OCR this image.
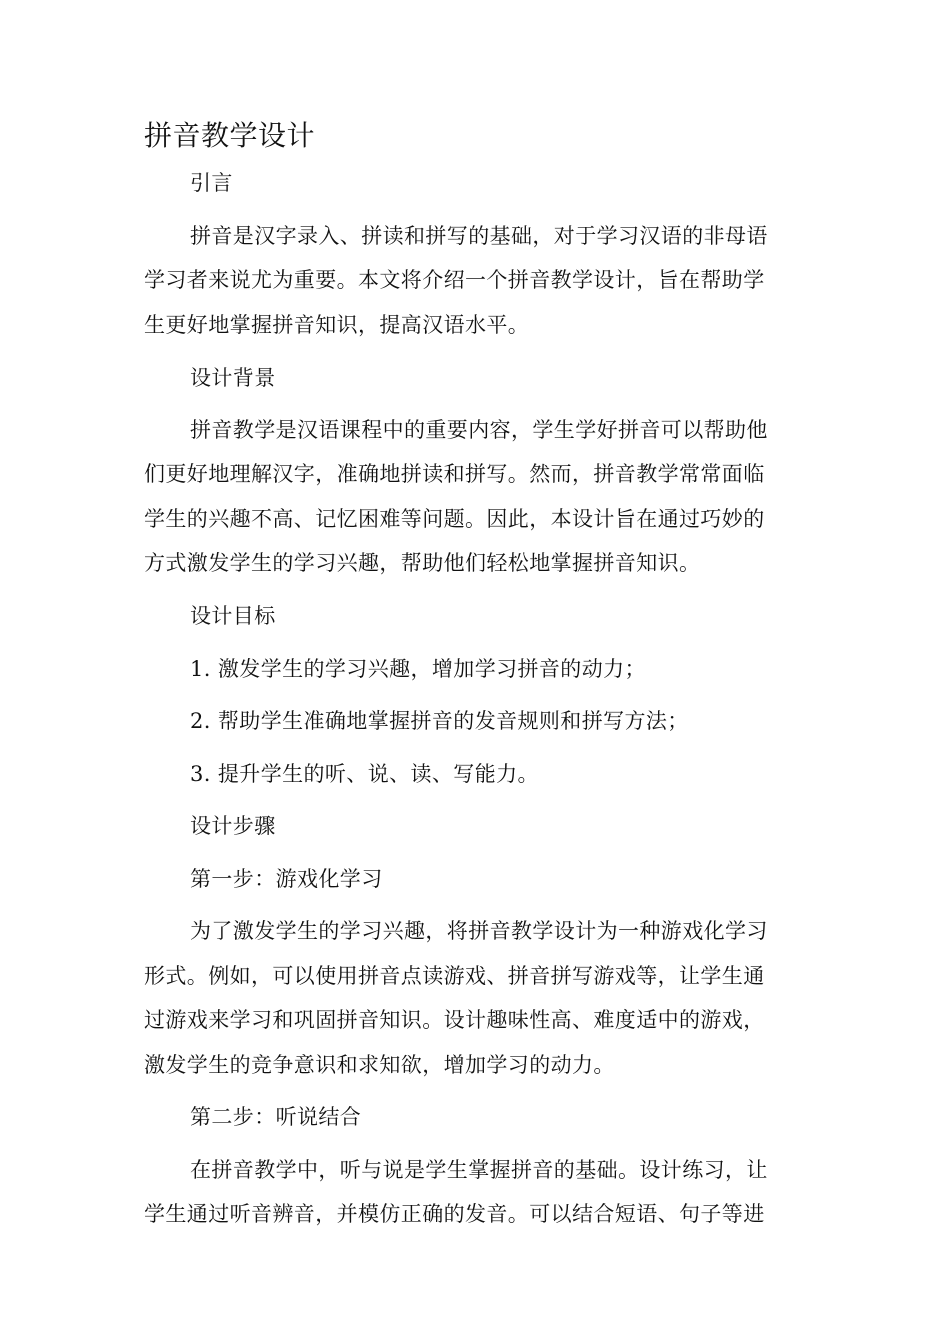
拼音教学设计

引言

拼音是汉字录入、拼读和拼写的基础，对于学习汉语的非母语

学习者来说尤为重要。本文将介绍一个拼音教学设计，旨在帮助学

生更好地掌握拼音知识，提高汉语水平。

设计背景

拼音教学是汉语课程中的重要内容，学生学好拼音可以帮助他

们更好地理解汉字，准确地拼读和拼写。然而，拼音教学常常面临

学生的兴趣不高、记忆困难等问题。因此，本设计旨在通过巧妙的

方式激发学生的学习兴趣，帮助他们轻松地掌握拼音知识。

设计目标

1. 激发学生的学习兴趣，增加学习拼音的动力；

2. 帮助学生准确地掌握拼音的发音规则和拼写方法；

3. 提升学生的听、说、读、写能力。

设计步骤

第一步：游戏化学习

为了激发学生的学习兴趣，将拼音教学设计为一种游戏化学习

形式。例如，可以使用拼音点读游戏、拼音拼写游戏等，让学生通

过游戏来学习和巩固拼音知识。设计趣味性高、难度适中的游戏，

激发学生的竞争意识和求知欲，增加学习的动力。

第二步：听说结合

在拼音教学中，听与说是学生掌握拼音的基础。设计练习，让

学生通过听音辨音，并模仿正确的发音。可以结合短语、句子等进
